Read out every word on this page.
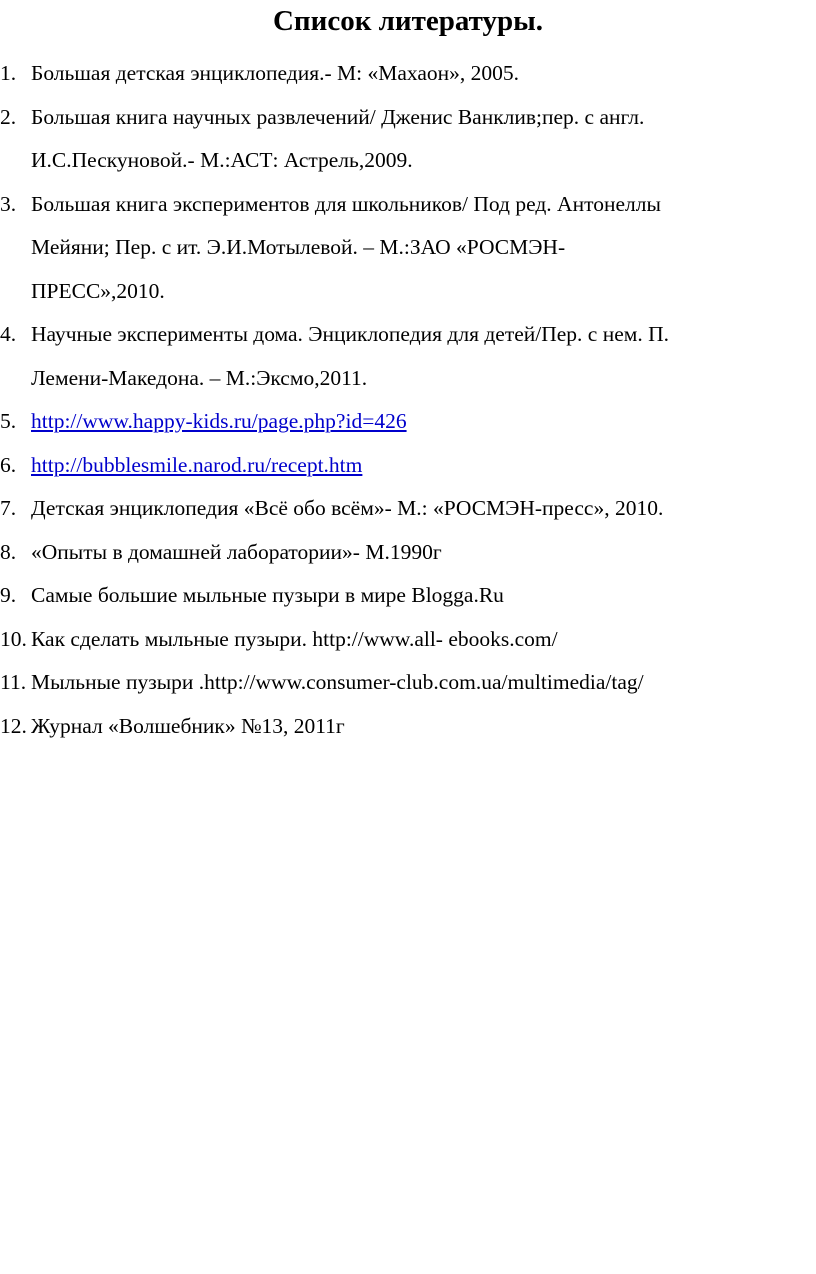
Список литературы.
1. Большая детская энциклопедия.- М: «Махаон», 2005.
2. Большая книга научных развлечений/ Дженис Ванклив;пер. с англ.
И.С.Пескуновой.- М.:АСТ: Астрель,2009.
3. Большая книга экспериментов для школьников/ Под ред. Антонеллы
Мейяни; Пер. с ит. Э.И.Мотылевой. – М.:ЗАО «РОСМЭН-
ПРЕСС»,2010.
4. Научные эксперименты дома. Энциклопедия для детей/Пер. с нем. П.
Лемени-Македона. – М.:Эксмо,2011.
5. http://www.happy-kids.ru/page.php?id=426
6. http://bubblesmile.narod.ru/recept.htm
7. Детская энциклопедия «Всё обо всём»- М.: «РОСМЭН-пресс», 2010.
8. «Опыты в домашней лаборатории»- М.1990г
9. Самые большие мыльные пузыри в мире Blogga.Ru
10. Как сделать мыльные пузыри. http://www.all- ebooks.com/
11. Мыльные пузыри .http://www.consumer-club.com.ua/multimedia/tag/
12. Журнал «Волшебник» №13, 2011г
